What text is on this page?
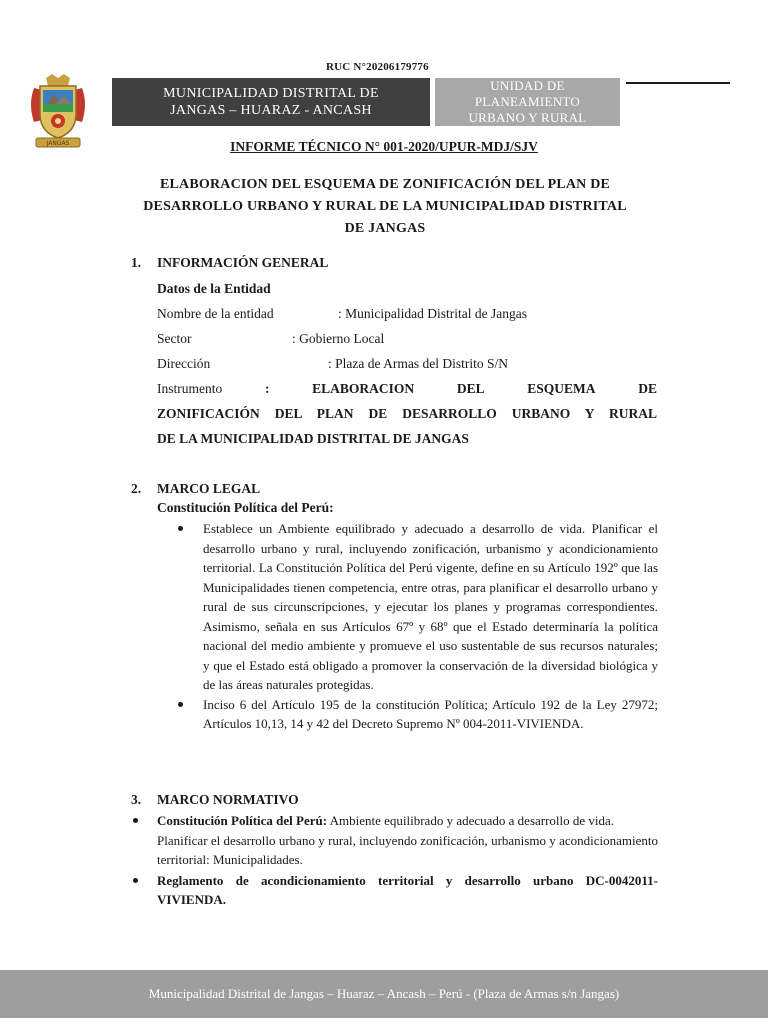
RUC N°20206179776
JANGAS
MUNICIPALIDAD DISTRITAL DE
JANGAS – HUARAZ - ANCASH
UNIDAD DE
PLANEAMIENTO
URBANO Y RURAL
INFORME TÉCNICO N° 001-2020/UPUR-MDJ/SJV
ELABORACION DEL ESQUEMA DE ZONIFICACIÓN DEL PLAN DE
DESARROLLO URBANO Y RURAL DE LA MUNICIPALIDAD DISTRITAL
DE JANGAS
1. INFORMACIÓN GENERAL
Datos de la Entidad
Nombre de la entidad	: Municipalidad Distrital de Jangas
Sector	: Gobierno Local
Dirección	: Plaza de Armas del Distrito S/N
Instrumento	:	ELABORACION	DEL	ESQUEMA	DE
ZONIFICACIÓN DEL PLAN DE DESARROLLO URBANO Y RURAL
DE LA MUNICIPALIDAD DISTRITAL DE JANGAS
2. MARCO LEGAL
Constitución Política del Perú:
Establece un Ambiente equilibrado y adecuado a desarrollo de vida. Planificar el desarrollo urbano y rural, incluyendo zonificación, urbanismo y acondicionamiento territorial. La Constitución Política del Perú vigente, define en su Artículo 192º que las Municipalidades tienen competencia, entre otras, para planificar el desarrollo urbano y rural de sus circunscripciones, y ejecutar los planes y programas correspondientes. Asimismo, señala en sus Artículos 67º y 68º que el Estado determinaría la política nacional del medio ambiente y promueve el uso sustentable de sus recursos naturales; y que el Estado está obligado a promover la conservación de la diversidad biológica y de las áreas naturales protegidas.
Inciso 6 del Artículo 195 de la constitución Política; Artículo 192 de la Ley 27972; Artículos 10,13, 14 y 42 del Decreto Supremo Nº 004-2011-VIVIENDA.
3. MARCO NORMATIVO
Constitución Política del Perú: Ambiente equilibrado y adecuado a desarrollo de vida.
Planificar el desarrollo urbano y rural, incluyendo zonificación, urbanismo y acondicionamiento territorial: Municipalidades.
Reglamento de acondicionamiento territorial y desarrollo urbano DC-0042011-VIVIENDA.
Municipalidad Distrital de Jangas – Huaraz – Ancash – Perú - (Plaza de Armas s/n Jangas)
